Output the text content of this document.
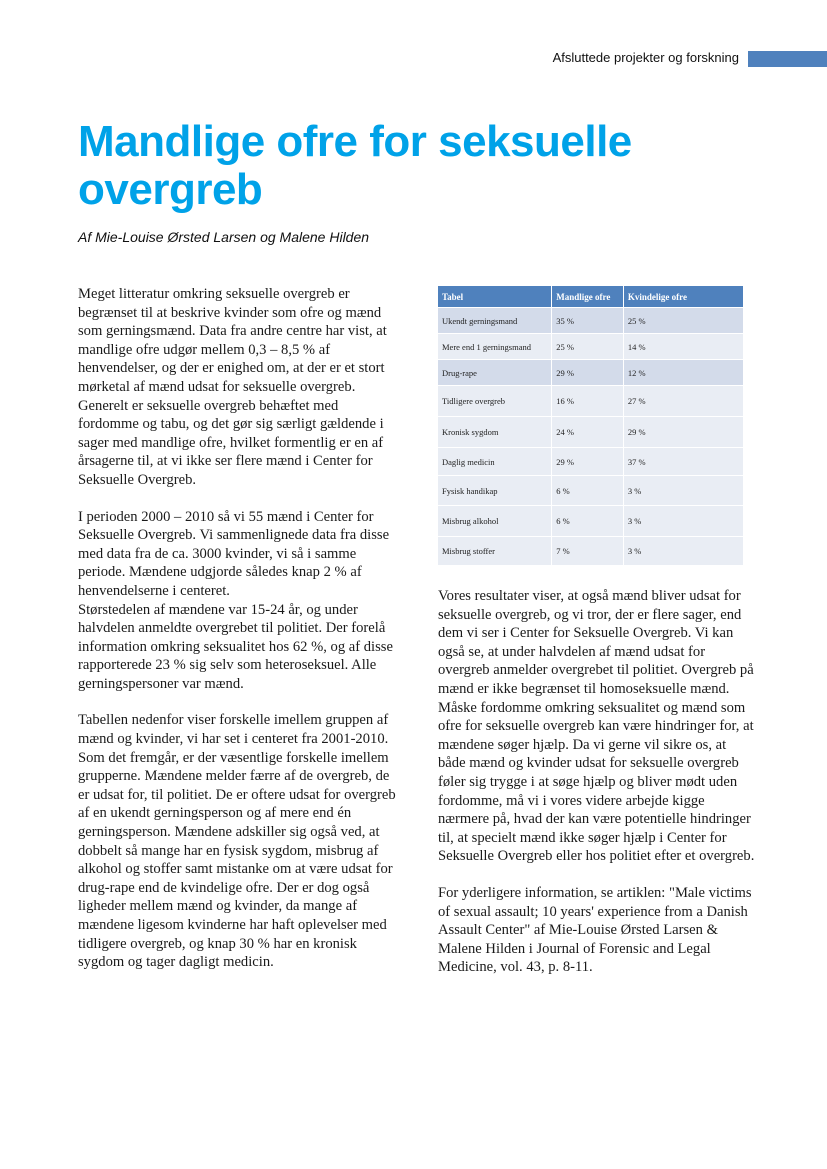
Afsluttede projekter og forskning
Mandlige ofre for seksuelle overgreb
Af Mie-Louise Ørsted Larsen og Malene Hilden

Meget litteratur omkring seksuelle overgreb er begrænset til at beskrive kvinder som ofre og mænd som gerningsmænd. Data fra andre centre har vist, at mandlige ofre udgør mellem 0,3 – 8,5 % af henvendelser, og der er enighed om, at der er et stort mørketal af mænd udsat for seksuelle overgreb. Generelt er seksuelle overgreb behæftet med fordomme og tabu, og det gør sig særligt gældende i sager med mandlige ofre, hvilket formentlig er en af årsagerne til, at vi ikke ser flere mænd i Center for Seksuelle Overgreb.

I perioden 2000 – 2010 så vi 55 mænd i Center for Seksuelle Overgreb. Vi sammenlignede data fra disse med data fra de ca. 3000 kvinder, vi så i samme periode. Mændene udgjorde således knap 2 % af henvendelserne i centeret.

Størstedelen af mændene var 15-24 år, og under halvdelen anmeldte overgrebet til politiet. Der forelå information omkring seksualitet hos 62 %, og af disse rapporterede 23 % sig selv som heteroseksuel. Alle gerningspersoner var mænd.

Tabellen nedenfor viser forskelle imellem gruppen af mænd og kvinder, vi har set i centeret fra 2001-2010. Som det fremgår, er der væsentlige forskelle imellem grupperne. Mændene melder færre af de overgreb, de er udsat for, til politiet. De er oftere udsat for overgreb af en ukendt gerningsperson og af mere end én gerningsperson. Mændene adskiller sig også ved, at dobbelt så mange har en fysisk sygdom, misbrug af alkohol og stoffer samt mistanke om at være udsat for drug-rape end de kvindelige ofre. Der er dog også ligheder mellem mænd og kvinder, da mange af mændene ligesom kvinderne har haft oplevelser med tidligere overgreb, og knap 30 % har en kronisk sygdom og tager dagligt medicin.

Tabel	Mandlige ofre	Kvindelige ofre
Ukendt gerningsmand	35 %	25 %
Mere end 1 gerningsmand	25 %	14 %
Drug-rape	29 %	12 %
Tidligere overgreb	16 %	27 %
Kronisk sygdom	24 %	29 %
Daglig medicin	29 %	37 %
Fysisk handikap	6 %	3 %
Misbrug alkohol	6 %	3 %
Misbrug stoffer	7 %	3 %

Vores resultater viser, at også mænd bliver udsat for seksuelle overgreb, og vi tror, der er flere sager, end dem vi ser i Center for Seksuelle Overgreb. Vi kan også se, at under halvdelen af mænd udsat for overgreb anmelder overgrebet til politiet. Overgreb på mænd er ikke begrænset til homoseksuelle mænd. Måske fordomme omkring seksualitet og mænd som ofre for seksuelle overgreb kan være hindringer for, at mændene søger hjælp. Da vi gerne vil sikre os, at både mænd og kvinder udsat for seksuelle overgreb føler sig trygge i at søge hjælp og bliver mødt uden fordomme, må vi i vores videre arbejde kigge nærmere på, hvad der kan være potentielle hindringer til, at specielt mænd ikke søger hjælp i Center for Seksuelle Overgreb eller hos politiet efter et overgreb.

For yderligere information, se artiklen: "Male victims of sexual assault; 10 years' experience from a Danish Assault Center" af Mie-Louise Ørsted Larsen & Malene Hilden i Journal of Forensic and Legal Medicine, vol. 43, p. 8-11.
